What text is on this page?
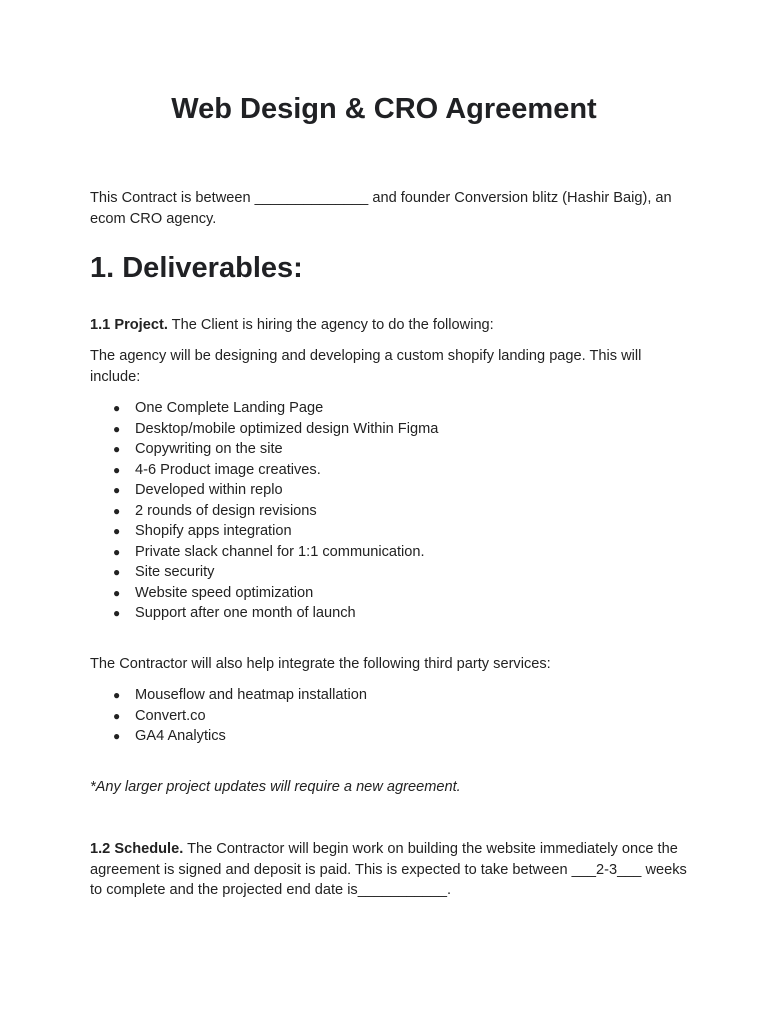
Web Design & CRO Agreement

This Contract is between ______________ and founder Conversion blitz (Hashir Baig), an ecom CRO agency.

1. Deliverables:

1.1 Project. The Client is hiring the agency to do the following:

The agency will be designing and developing a custom shopify landing page. This will include:

● One Complete Landing Page
● Desktop/mobile optimized design Within Figma
● Copywriting on the site
● 4-6 Product image creatives.
● Developed within replo
● 2 rounds of design revisions
● Shopify apps integration
● Private slack channel for 1:1 communication.
● Site security
● Website speed optimization
● Support after one month of launch

The Contractor will also help integrate the following third party services:

● Mouseflow and heatmap installation
● Convert.co
● GA4 Analytics

*Any larger project updates will require a new agreement.

1.2 Schedule. The Contractor will begin work on building the website immediately once the agreement is signed and deposit is paid. This is expected to take between ___2-3___ weeks to complete and the projected end date is___________.
